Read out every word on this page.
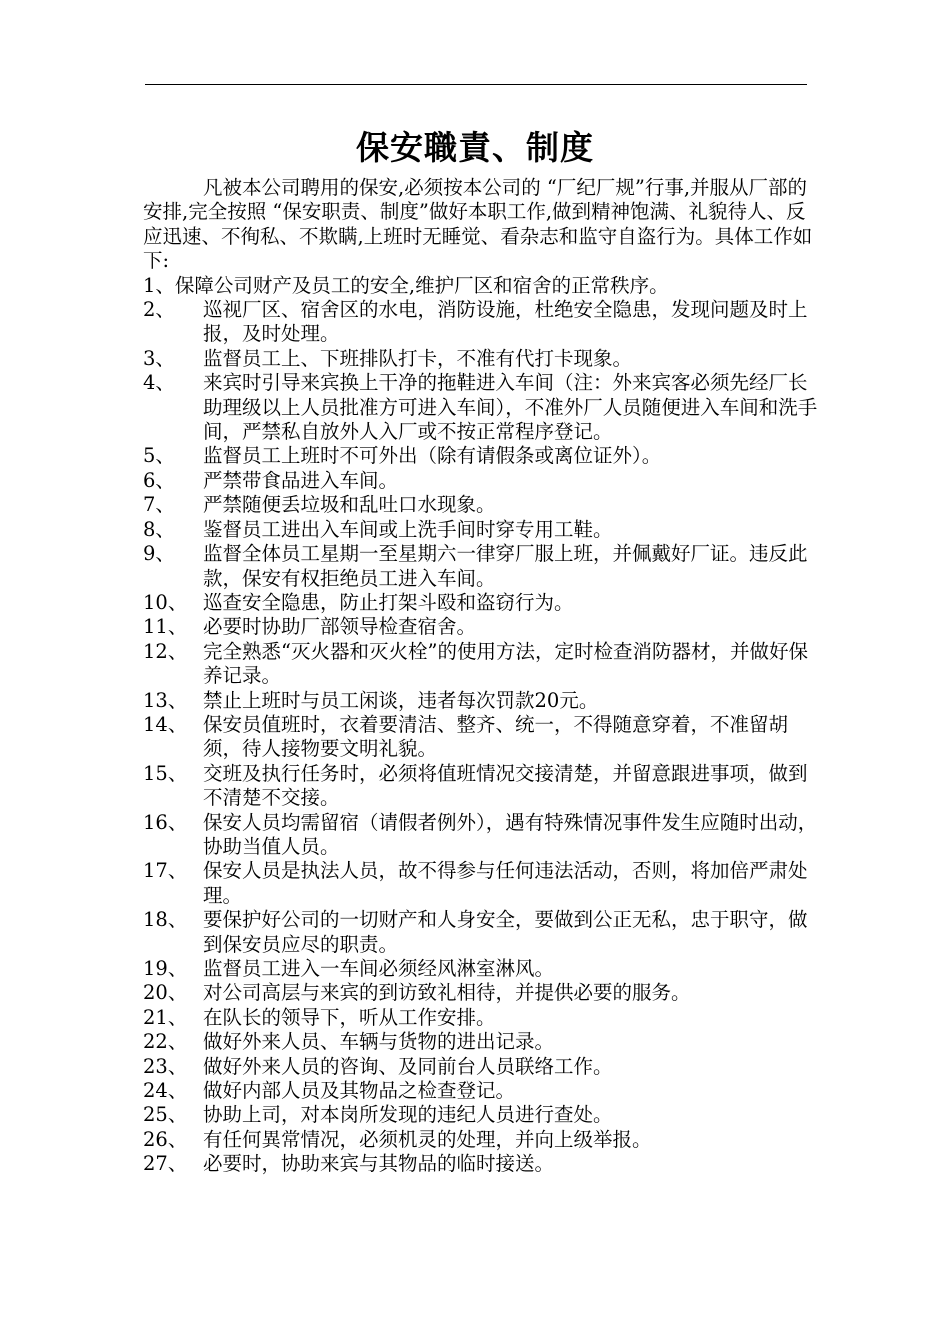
保安職責、制度

凡被本公司聘用的保安,必须按本公司的 “厂纪厂规”行事,并服从厂部的安排,完全按照 “保安职责、制度”做好本职工作,做到精神饱满、礼貌待人、反应迅速、不徇私、不欺瞒,上班时无睡觉、看杂志和监守自盗行为。具体工作如下:

1、保障公司财产及员工的安全,维护厂区和宿舍的正常秩序。

2、	巡视厂区、宿舍区的水电，消防设施，杜绝安全隐患，发现问题及时上报，及时处理。
3、	监督员工上、下班排队打卡，不准有代打卡现象。
4、	来宾时引导来宾换上干净的拖鞋进入车间（注：外来宾客必须先经厂长助理级以上人员批准方可进入车间），不准外厂人员随便进入车间和洗手间，严禁私自放外人入厂或不按正常程序登记。
5、	监督员工上班时不可外出（除有请假条或离位证外）。
6、	严禁带食品进入车间。
7、	严禁随便丢垃圾和乱吐口水现象。
8、	鉴督员工进出入车间或上洗手间时穿专用工鞋。
9、	监督全体员工星期一至星期六一律穿厂服上班，并佩戴好厂证。违反此款，保安有权拒绝员工进入车间。
10、 巡查安全隐患，防止打架斗殴和盗窃行为。
11、 必要时协助厂部领导检查宿舍。
12、 完全熟悉“灭火器和灭火栓”的使用方法，定时检查消防器材，并做好保养记录。
13、 禁止上班时与员工闲谈，违者每次罚款20元。
14、 保安员值班时，衣着要清洁、整齐、统一，不得随意穿着，不准留胡须，待人接物要文明礼貌。
15、 交班及执行任务时，必须将值班情况交接清楚，并留意跟进事项，做到不清楚不交接。
16、 保安人员均需留宿（请假者例外），遇有特殊情况事件发生应随时出动，协助当值人员。
17、 保安人员是执法人员，故不得参与任何违法活动，否则，将加倍严肃处理。
18、 要保护好公司的一切财产和人身安全，要做到公正无私，忠于职守，做到保安员应尽的职责。
19、 监督员工进入一车间必须经风淋室淋风。
20、 对公司高层与来宾的到访致礼相待，并提供必要的服务。
21、 在队长的领导下，听从工作安排。
22、 做好外来人员、车辆与货物的进出记录。
23、 做好外来人员的咨询、及同前台人员联络工作。
24、 做好内部人员及其物品之检查登记。
25、 协助上司，对本岗所发现的违纪人员进行查处。
26、 有任何異常情况，必须机灵的处理，并向上级举报。
27、 必要时，协助来宾与其物品的临时接送。
